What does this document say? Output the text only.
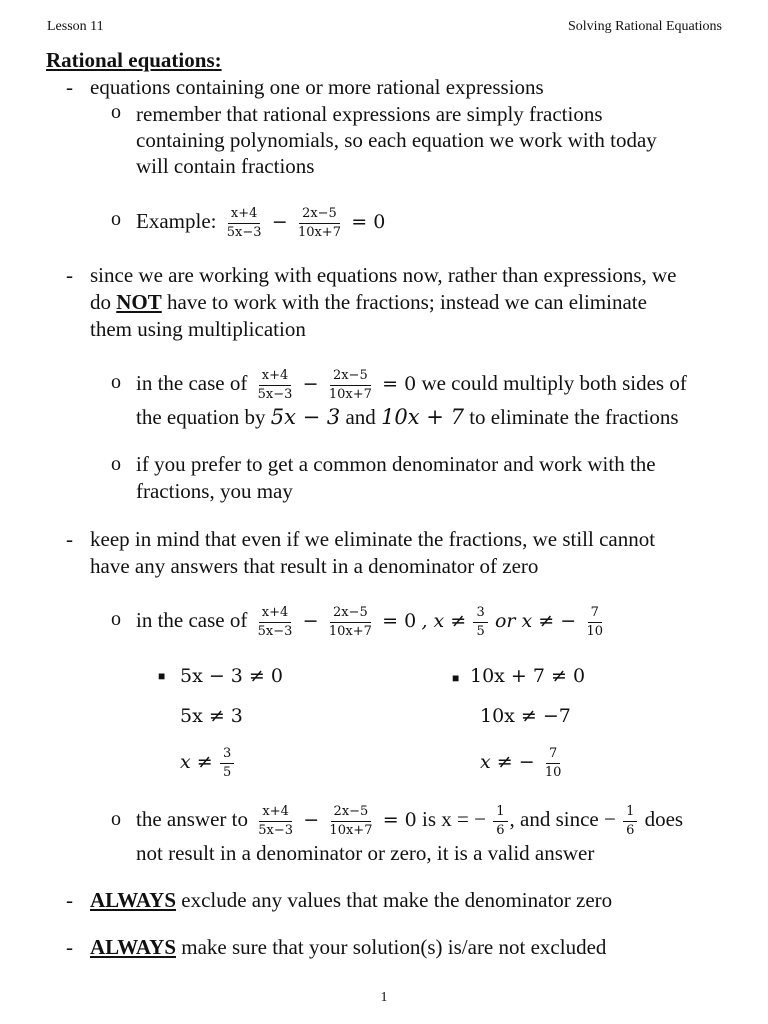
Lesson 11	Solving Rational Equations
Rational equations:
- equations containing one or more rational expressions
o remember that rational expressions are simply fractions
containing polynomials, so each equation we work with today
will contain fractions
o Example: $\frac{x+4}{5x-3} - \frac{2x-5}{10x+7} = 0$
- since we are working with equations now, rather than expressions, we
do NOT have to work with the fractions; instead we can eliminate
them using multiplication
o in the case of $\frac{x+4}{5x-3} - \frac{2x-5}{10x+7} = 0$ we could multiply both sides of
the equation by 5x − 3 and 10x + 7 to eliminate the fractions
o if you prefer to get a common denominator and work with the
fractions, you may
- keep in mind that even if we eliminate the fractions, we still cannot
have any answers that result in a denominator of zero
o in the case of $\frac{x+4}{5x-3} - \frac{2x-5}{10x+7} = 0$ , $x \ne \frac{3}{5}$ or x ≠ − $\frac{7}{10}$
■ 5x − 3 ≠ 0
5x ≠ 3
$x \ne \frac{3}{5}$
■ 10x + 7 ≠ 0
10x ≠ −7
x ≠ − $\frac{7}{10}$
o the answer to $\frac{x+4}{5x-3} - \frac{2x-5}{10x+7} = 0$ is x = − $\frac{1}{6}$ , and since − $\frac{1}{6}$ does
not result in a denominator or zero, it is a valid answer
- ALWAYS exclude any values that make the denominator zero
- ALWAYS make sure that your solution(s) is/are not excluded
1
